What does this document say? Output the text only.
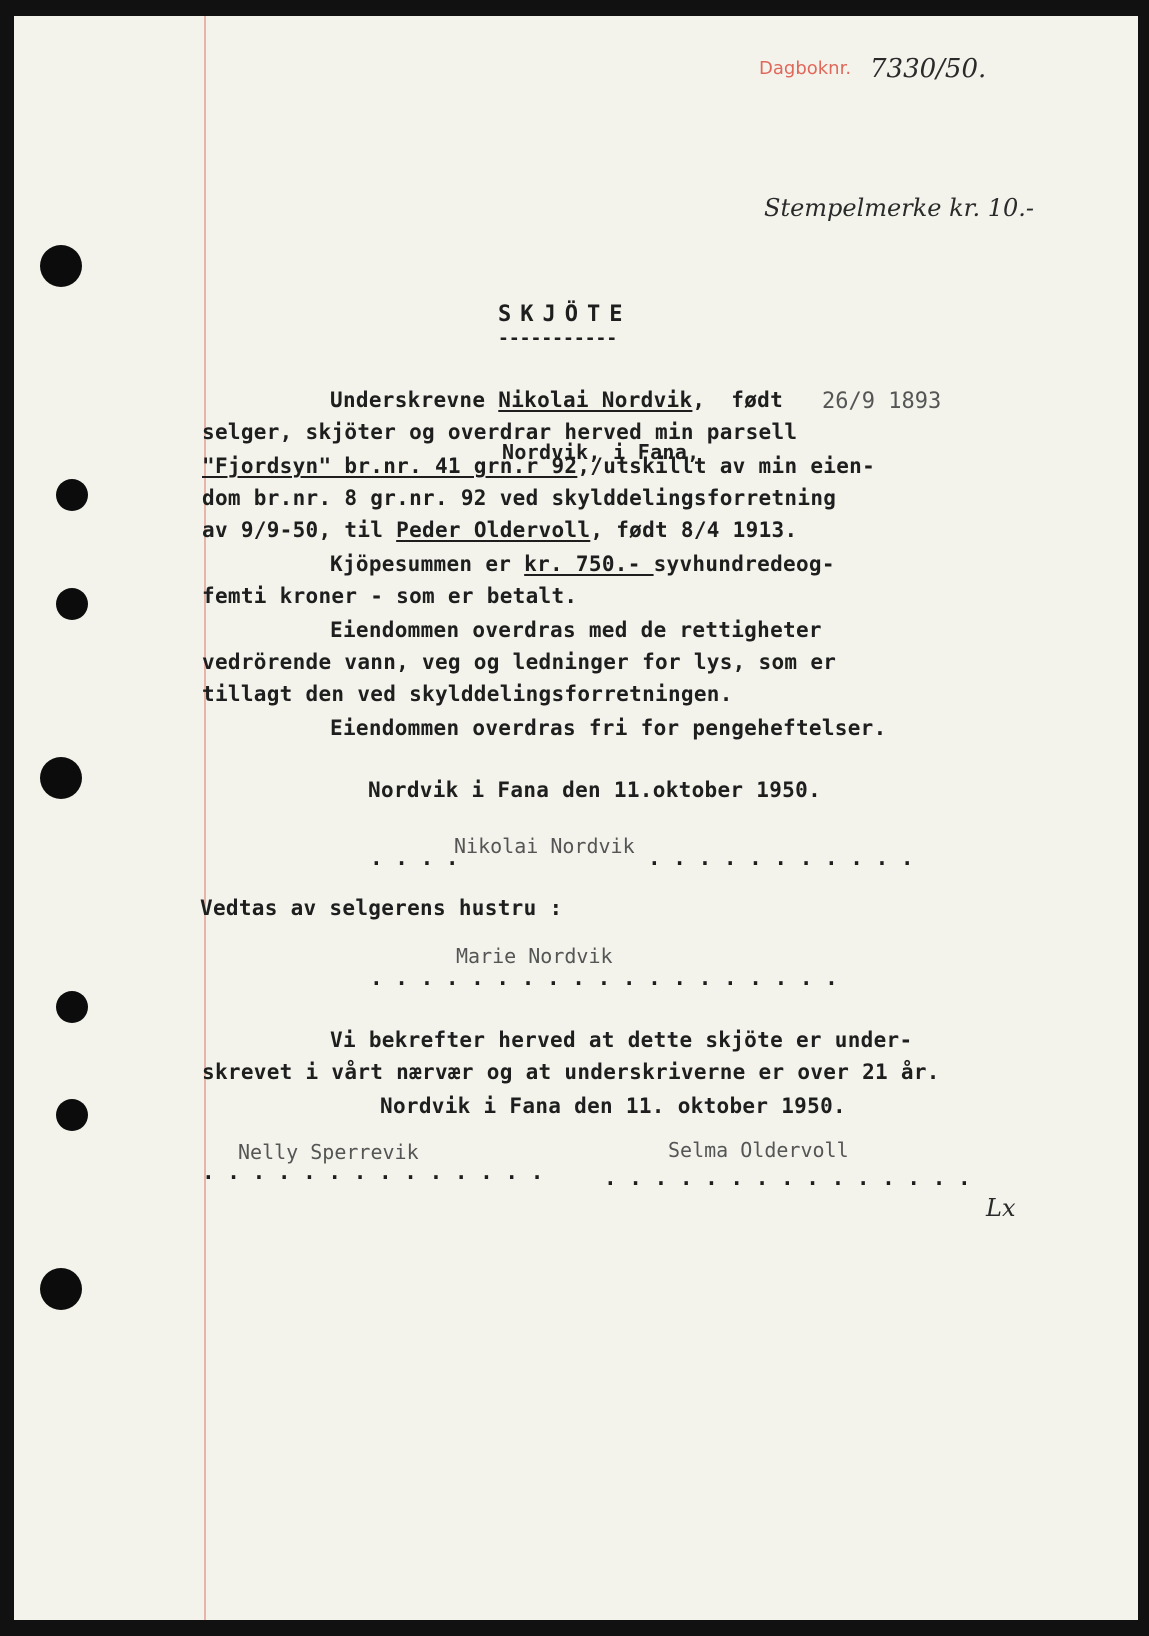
Dagboknr. 7330/50.
Stempelmerke kr. 10.-
SKJÖTE
-----------
Underskrevne Nikolai Nordvik,  født 26/9 1893
selger, skjöter og overdrar herved min parsell
Nordvik, i Fana,
"Fjordsyn" br.nr. 41 grn.r 92,/utskillt av min eien-
dom br.nr. 8 gr.nr. 92 ved skylddelingsforretning
av 9/9-50, til Peder Oldervoll, født 8/4 1913.
Kjöpesummen er kr. 750.- syvhundredeog-
femti kroner - som er betalt.
Eiendommen overdras med de rettigheter
vedrörende vann, veg og ledninger for lys, som er
tillagt den ved skylddelingsforretningen.
Eiendommen overdras fri for pengeheftelser.
Nordvik i Fana den 11.oktober 1950.
. . . .
Nikolai Nordvik . . . . . . . . . . .
Vedtas av selgerens hustru :
Marie Nordvik
. . . . . . . . . . . . . . . . . . .
Vi bekrefter herved at dette skjöte er under-
skrevet i vårt nærvær og at underskriverne er over 21 år.
Nordvik i Fana den 11. oktober 1950.
Nelly Sperrevik
. . . . . . . . . . . . . .
Selma Oldervoll
. . . . . . . . . . . . . . .
Lx
